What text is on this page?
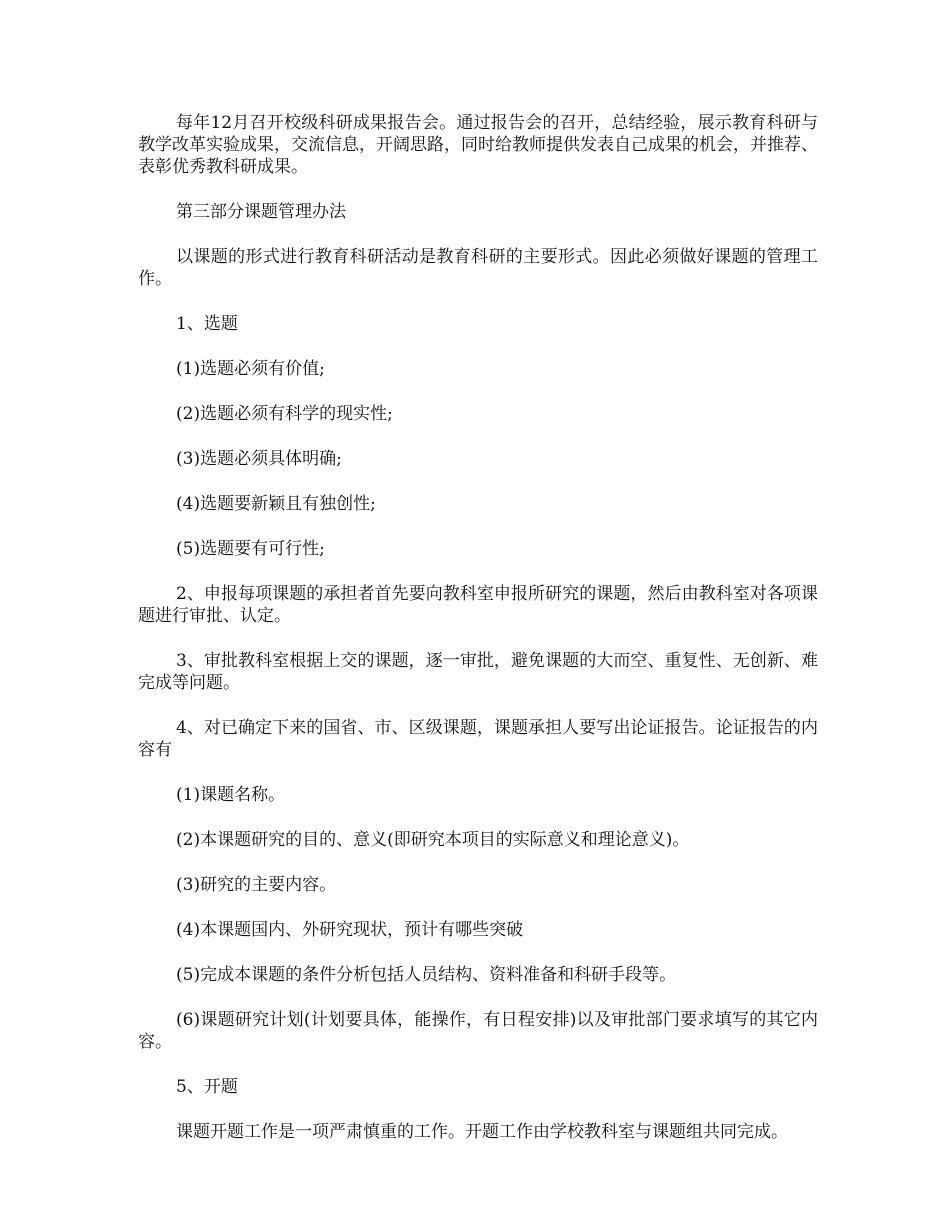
每年12月召开校级科研成果报告会。通过报告会的召开，总结经验，展示教育科研与教学改革实验成果，交流信息，开阔思路，同时给教师提供发表自己成果的机会，并推荐、表彰优秀教科研成果。

第三部分课题管理办法

以课题的形式进行教育科研活动是教育科研的主要形式。因此必须做好课题的管理工作。

1、选题

(1)选题必须有价值;

(2)选题必须有科学的现实性;

(3)选题必须具体明确;

(4)选题要新颖且有独创性;

(5)选题要有可行性;

2、申报每项课题的承担者首先要向教科室申报所研究的课题，然后由教科室对各项课题进行审批、认定。

3、审批教科室根据上交的课题，逐一审批，避免课题的大而空、重复性、无创新、难完成等问题。

4、对已确定下来的国省、市、区级课题，课题承担人要写出论证报告。论证报告的内容有

(1)课题名称。

(2)本课题研究的目的、意义(即研究本项目的实际意义和理论意义)。

(3)研究的主要内容。

(4)本课题国内、外研究现状，预计有哪些突破

(5)完成本课题的条件分析包括人员结构、资料准备和科研手段等。

(6)课题研究计划(计划要具体，能操作，有日程安排)以及审批部门要求填写的其它内容。

5、开题

课题开题工作是一项严肃慎重的工作。开题工作由学校教科室与课题组共同完成。
